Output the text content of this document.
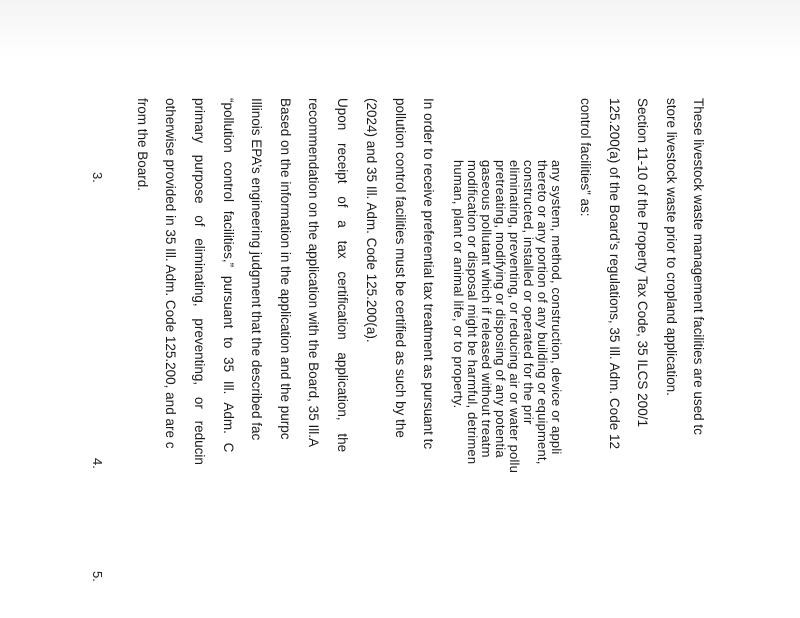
These livestock waste management facilities are used tc
store livestock waste prior to cropland application.
Section 11-10 of the Property Tax Code, 35 ILCS 200/1
125.200(a) of the Board’s regulations, 35 Ill. Adm. Code 12
control facilities” as:
any system, method, construction, device or appli
thereto or any portion of any building or equipment,
constructed, installed or operated for the prir
eliminating, preventing, or reducing air or water pollu
pretreating, modifying or disposing of any potentia
gaseous pollutant which if released without treatm
modification or disposal might be harmful, detrimen
human, plant or animal life, or to property.
In order to receive preferential tax treatment as pursuant tc
pollution control facilities must be certified as such by the
(2024) and 35 Ill. Adm. Code 125.200(a).
Upon receipt of a tax certification application, the
recommendation on the application with the Board, 35 Ill.A
Based on the information in the application and the purpc
Illinois EPA’s engineering judgment that the described fac
“pollution control facilities,” pursuant to 35 Ill. Adm. C
primary purpose of eliminating, preventing, or reducin
otherwise provided in 35 Ill. Adm. Code 125.200, and are c
from the Board.
3.
4.
5.
